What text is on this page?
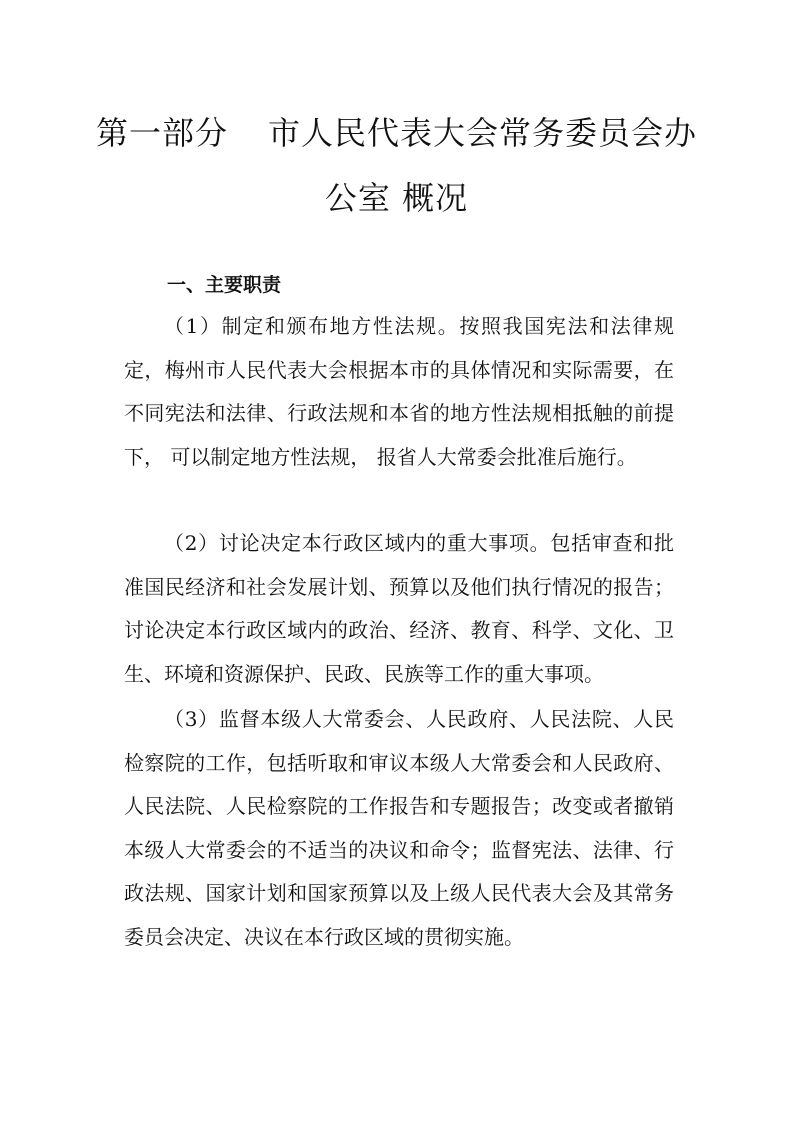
第一部分 市人民代表大会常务委员会办
公室 概况
一、主要职责

（1）制定和颁布地方性法规。按照我国宪法和法律规定，梅州市人民代表大会根据本市的具体情况和实际需要，在不同宪法和法律、行政法规和本省的地方性法规相抵触的前提下， 可以制定地方性法规， 报省人大常委会批准后施行。

（2）讨论决定本行政区域内的重大事项。包括审查和批准国民经济和社会发展计划、预算以及他们执行情况的报告；讨论决定本行政区域内的政治、经济、教育、科学、文化、卫生、环境和资源保护、民政、民族等工作的重大事项。

（3）监督本级人大常委会、人民政府、人民法院、人民检察院的工作，包括听取和审议本级人大常委会和人民政府、人民法院、人民检察院的工作报告和专题报告；改变或者撤销本级人大常委会的不适当的决议和命令；监督宪法、法律、行政法规、国家计划和国家预算以及上级人民代表大会及其常务委员会决定、决议在本行政区域的贯彻实施。
